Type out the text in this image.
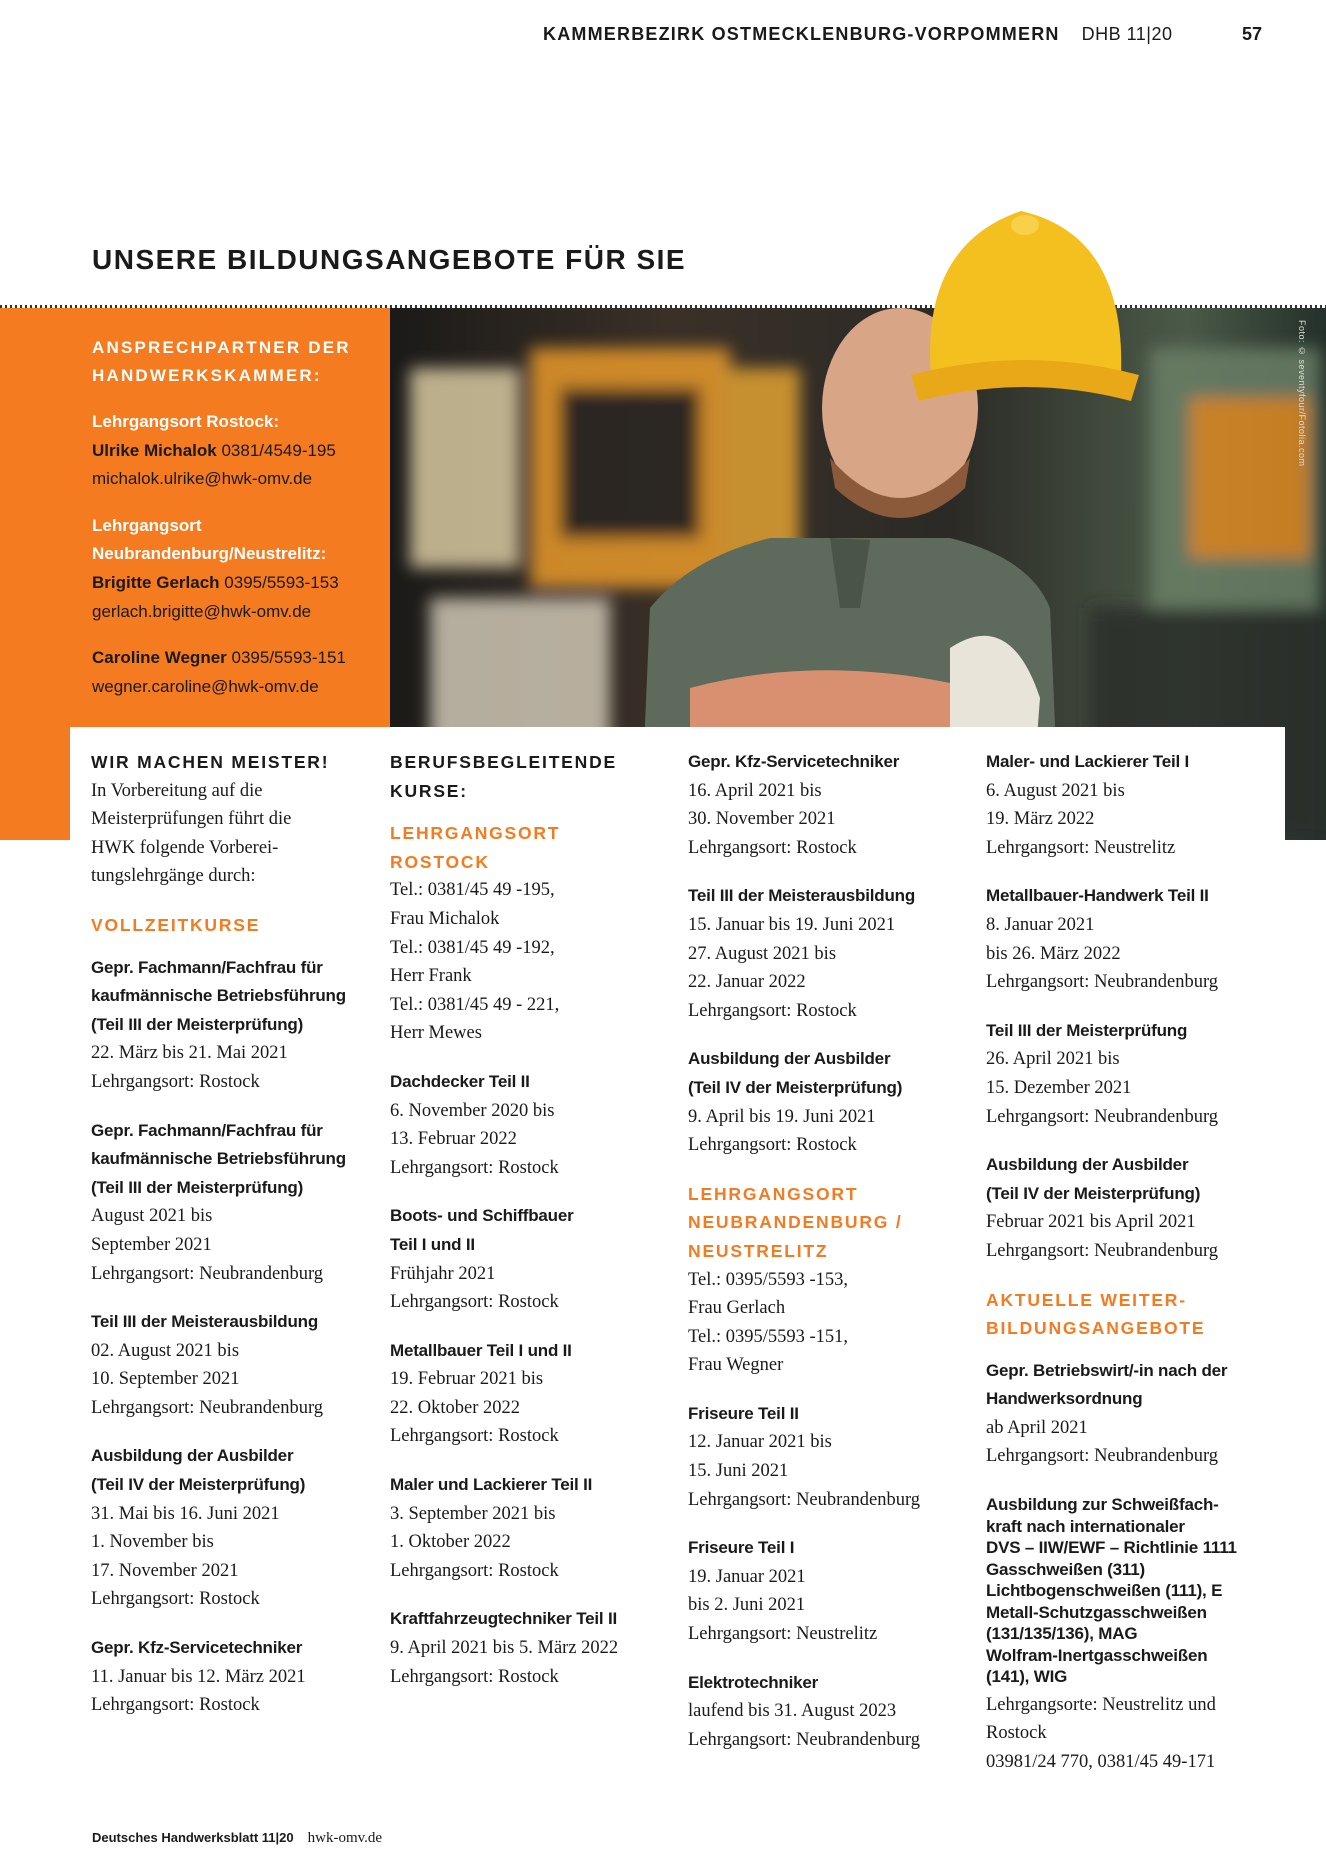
KAMMERBEZIRK OSTMECKLENBURG-VORPOMMERN DHB 11|20	57
UNSERE BILDUNGSANGEBOTE FÜR SIE
Foto: © seventyfour/Fotolia.com
ANSPRECHPARTNER DER HANDWERKSKAMMER:
Lehrgangsort Rostock:
Ulrike Michalok 0381/4549-195
michalok.ulrike@hwk-omv.de
Lehrgangsort Neubrandenburg/Neustrelitz:
Brigitte Gerlach 0395/5593-153
gerlach.brigitte@hwk-omv.de
Caroline Wegner 0395/5593-151
wegner.caroline@hwk-omv.de
WIR MACHEN MEISTER!
In Vorbereitung auf die
Meisterprüfungen führt die
HWK folgende Vorberei-
tungslehrgänge durch:
VOLLZEITKURSE
Gepr. Fachmann/Fachfrau für
kaufmännische Betriebsführung
(Teil III der Meisterprüfung)
22. März bis 21. Mai 2021
Lehrgangsort: Rostock
Gepr. Fachmann/Fachfrau für
kaufmännische Betriebsführung
(Teil III der Meisterprüfung)
August 2021 bis
September 2021
Lehrgangsort: Neubrandenburg
Teil III der Meisterausbildung
02. August 2021 bis
10. September 2021
Lehrgangsort: Neubrandenburg
Ausbildung der Ausbilder
(Teil IV der Meisterprüfung)
31. Mai bis 16. Juni 2021
1. November bis
17. November 2021
Lehrgangsort: Rostock
Gepr. Kfz-Servicetechniker
11. Januar bis 12. März 2021
Lehrgangsort: Rostock
BERUFSBEGLEITENDE
KURSE:
LEHRGANGSORT
ROSTOCK
Tel.: 0381/45 49 -195,
Frau Michalok
Tel.: 0381/45 49 -192,
Herr Frank
Tel.: 0381/45 49 - 221,
Herr Mewes
Dachdecker Teil II
6. November 2020 bis
13. Februar 2022
Lehrgangsort: Rostock
Boots- und Schiffbauer
Teil I und II
Frühjahr 2021
Lehrgangsort: Rostock
Metallbauer Teil I und II
19. Februar 2021 bis
22. Oktober 2022
Lehrgangsort: Rostock
Maler und Lackierer Teil II
3. September 2021 bis
1. Oktober 2022
Lehrgangsort: Rostock
Kraftfahrzeugtechniker Teil II
9. April 2021 bis 5. März 2022
Lehrgangsort: Rostock
Gepr. Kfz-Servicetechniker
16. April 2021 bis
30. November 2021
Lehrgangsort: Rostock
Teil III der Meisterausbildung
15. Januar bis 19. Juni 2021
27. August 2021 bis
22. Januar 2022
Lehrgangsort: Rostock
Ausbildung der Ausbilder
(Teil IV der Meisterprüfung)
9. April bis 19. Juni 2021
Lehrgangsort: Rostock
LEHRGANGSORT
NEUBRANDENBURG /
NEUSTRELITZ
Tel.: 0395/5593 -153,
Frau Gerlach
Tel.: 0395/5593 -151,
Frau Wegner
Friseure Teil II
12. Januar 2021 bis
15. Juni 2021
Lehrgangsort: Neubrandenburg
Friseure Teil I
19. Januar 2021
bis 2. Juni 2021
Lehrgangsort: Neustrelitz
Elektrotechniker
laufend bis 31. August 2023
Lehrgangsort: Neubrandenburg
Maler- und Lackierer Teil I
6. August 2021 bis
19. März 2022
Lehrgangsort: Neustrelitz
Metallbauer-Handwerk Teil II
8. Januar 2021
bis 26. März 2022
Lehrgangsort: Neubrandenburg
Teil III der Meisterprüfung
26. April 2021 bis
15. Dezember 2021
Lehrgangsort: Neubrandenburg
Ausbildung der Ausbilder
(Teil IV der Meisterprüfung)
Februar 2021 bis April 2021
Lehrgangsort: Neubrandenburg
AKTUELLE WEITER-
BILDUNGSANGEBOTE
Gepr. Betriebswirt/-in nach der
Handwerksordnung
ab April 2021
Lehrgangsort: Neubrandenburg
Ausbildung zur Schweißfach-
kraft nach internationaler
DVS – IIW/EWF – Richtlinie 1111
Gasschweißen (311)
Lichtbogenschweißen (111), E
Metall-Schutzgasschweißen
(131/135/136), MAG
Wolfram-Inertgasschweißen
(141), WIG
Lehrgangsorte: Neustrelitz und
Rostock
03981/24 770, 0381/45 49-171
Deutsches Handwerksblatt 11|20 hwk-omv.de
